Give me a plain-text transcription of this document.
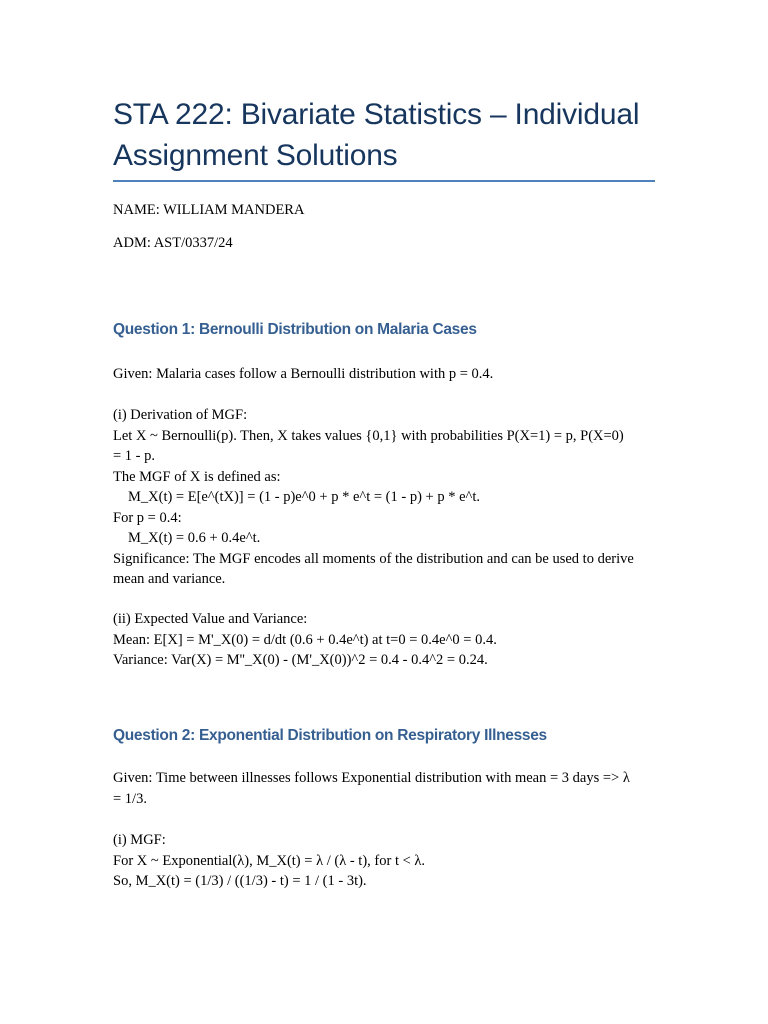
STA 222: Bivariate Statistics – Individual
Assignment Solutions
NAME: WILLIAM MANDERA
ADM: AST/0337/24
Question 1: Bernoulli Distribution on Malaria Cases
Given: Malaria cases follow a Bernoulli distribution with p = 0.4.
(i) Derivation of MGF:
Let X ~ Bernoulli(p). Then, X takes values {0,1} with probabilities P(X=1) = p, P(X=0)
= 1 - p.
The MGF of X is defined as:
M_X(t) = E[e^(tX)] = (1 - p)e^0 + p * e^t = (1 - p) + p * e^t.
For p = 0.4:
M_X(t) = 0.6 + 0.4e^t.
Significance: The MGF encodes all moments of the distribution and can be used to derive
mean and variance.
(ii) Expected Value and Variance:
Mean: E[X] = M'_X(0) = d/dt (0.6 + 0.4e^t) at t=0 = 0.4e^0 = 0.4.
Variance: Var(X) = M''_X(0) - (M'_X(0))^2 = 0.4 - 0.4^2 = 0.24.
Question 2: Exponential Distribution on Respiratory Illnesses
Given: Time between illnesses follows Exponential distribution with mean = 3 days => λ
= 1/3.
(i) MGF:
For X ~ Exponential(λ), M_X(t) = λ / (λ - t), for t < λ.
So, M_X(t) = (1/3) / ((1/3) - t) = 1 / (1 - 3t).
